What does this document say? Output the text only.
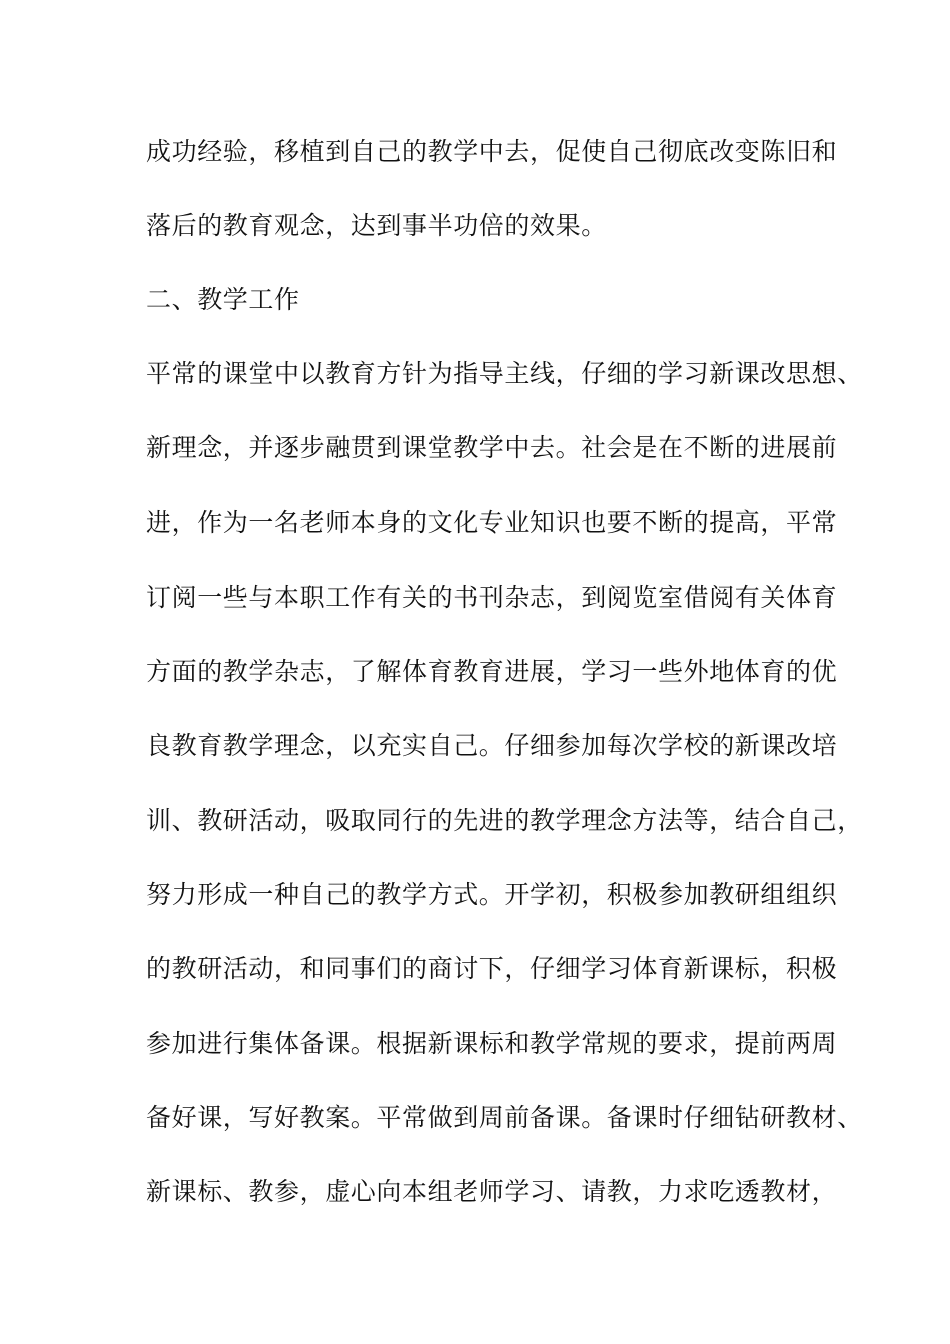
成功经验，移植到自己的教学中去，促使自己彻底改变陈旧和
落后的教育观念，达到事半功倍的效果。
二、教学工作
平常的课堂中以教育方针为指导主线，仔细的学习新课改思想、
新理念，并逐步融贯到课堂教学中去。社会是在不断的进展前
进，作为一名老师本身的文化专业知识也要不断的提高，平常
订阅一些与本职工作有关的书刊杂志，到阅览室借阅有关体育
方面的教学杂志，了解体育教育进展，学习一些外地体育的优
良教育教学理念，以充实自己。仔细参加每次学校的新课改培
训、教研活动，吸取同行的先进的教学理念方法等，结合自己，
努力形成一种自己的教学方式。开学初，积极参加教研组组织
的教研活动，和同事们的商讨下，仔细学习体育新课标，积极
参加进行集体备课。根据新课标和教学常规的要求，提前两周
备好课，写好教案。平常做到周前备课。备课时仔细钻研教材、
新课标、教参，虚心向本组老师学习、请教，力求吃透教材，
